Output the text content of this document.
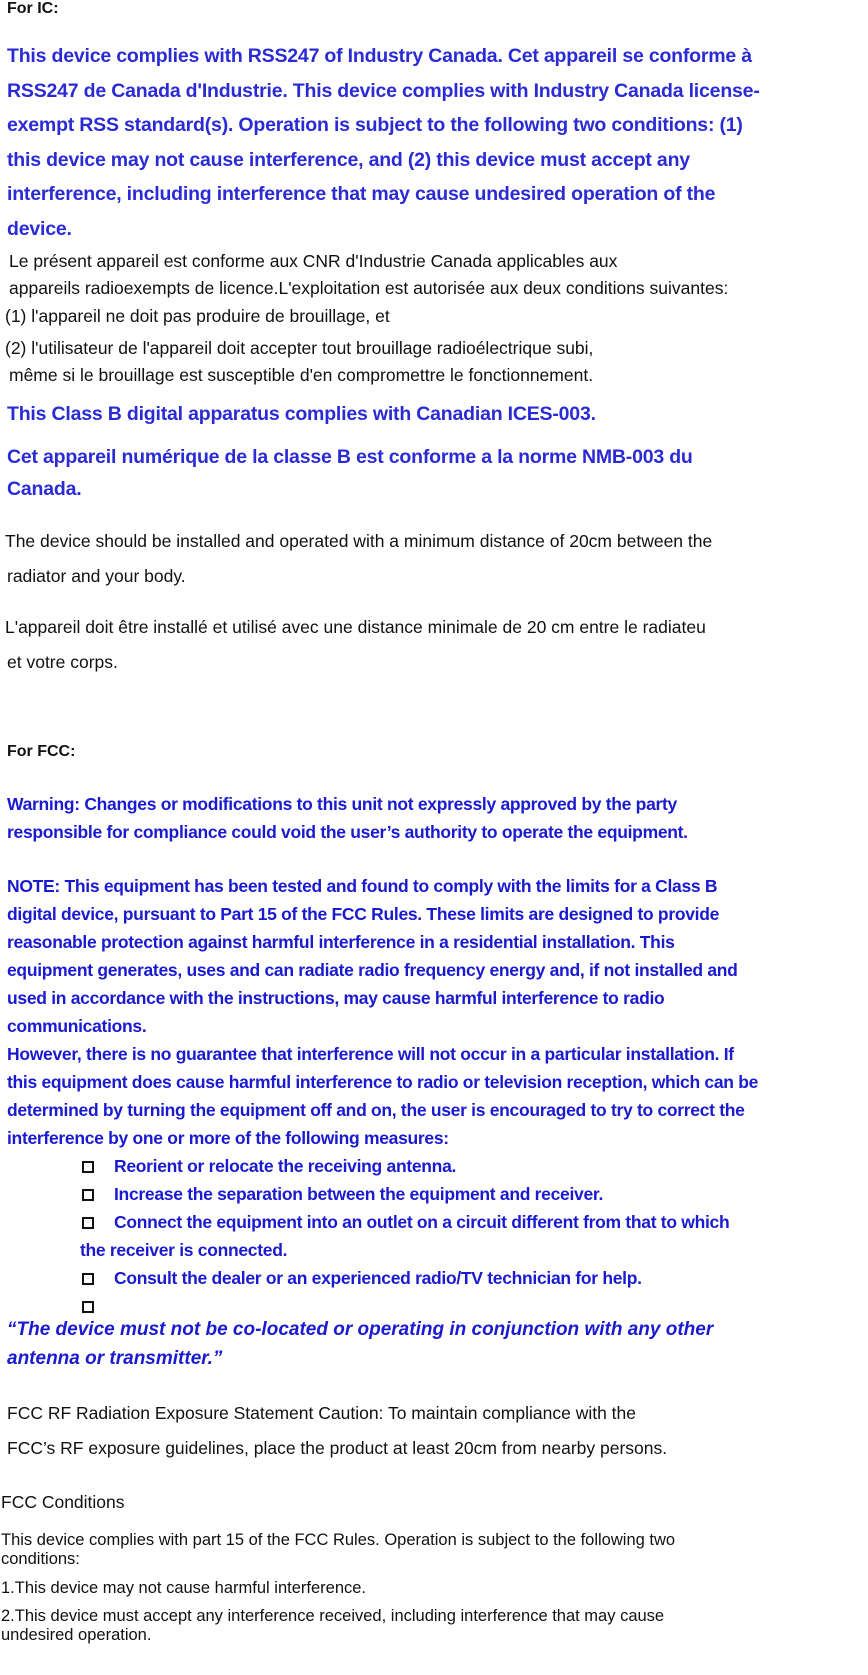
For IC:
This device complies with RSS247 of Industry Canada. Cet appareil se conforme à
RSS247 de Canada d'Industrie. This device complies with Industry Canada license-
exempt RSS standard(s). Operation is subject to the following two conditions: (1)
this device may not cause interference, and (2) this device must accept any
interference, including interference that may cause undesired operation of the
device.
Le présent appareil est conforme aux CNR d'Industrie Canada applicables aux
appareils radioexempts de licence.L'exploitation est autorisée aux deux conditions suivantes:
(1) l'appareil ne doit pas produire de brouillage, et
(2) l'utilisateur de l'appareil doit accepter tout brouillage radioélectrique subi,
même si le brouillage est susceptible d'en compromettre le fonctionnement.
This Class B digital apparatus complies with Canadian ICES-003.
Cet appareil numérique de la classe B est conforme a la norme NMB-003 du
Canada.
The device should be installed and operated with a minimum distance of 20cm between the
radiator and your body.
L'appareil doit être installé et utilisé avec une distance minimale de 20 cm entre le radiateu
et votre corps.
For FCC:
Warning: Changes or modifications to this unit not expressly approved by the party
responsible for compliance could void the user’s authority to operate the equipment.
NOTE: This equipment has been tested and found to comply with the limits for a Class B
digital device, pursuant to Part 15 of the FCC Rules. These limits are designed to provide
reasonable protection against harmful interference in a residential installation. This
equipment generates, uses and can radiate radio frequency energy and, if not installed and
used in accordance with the instructions, may cause harmful interference to radio
communications.
However, there is no guarantee that interference will not occur in a particular installation. If
this equipment does cause harmful interference to radio or television reception, which can be
determined by turning the equipment off and on, the user is encouraged to try to correct the
interference by one or more of the following measures:
Reorient or relocate the receiving antenna.
Increase the separation between the equipment and receiver.
Connect the equipment into an outlet on a circuit different from that to which
the receiver is connected.
Consult the dealer or an experienced radio/TV technician for help.
“The device must not be co-located or operating in conjunction with any other
antenna or transmitter.”
FCC RF Radiation Exposure Statement Caution: To maintain compliance with the
FCC’s RF exposure guidelines, place the product at least 20cm from nearby persons.
FCC Conditions
This device complies with part 15 of the FCC Rules. Operation is subject to the following two
conditions:
1.This device may not cause harmful interference.
2.This device must accept any interference received, including interference that may cause
undesired operation.
